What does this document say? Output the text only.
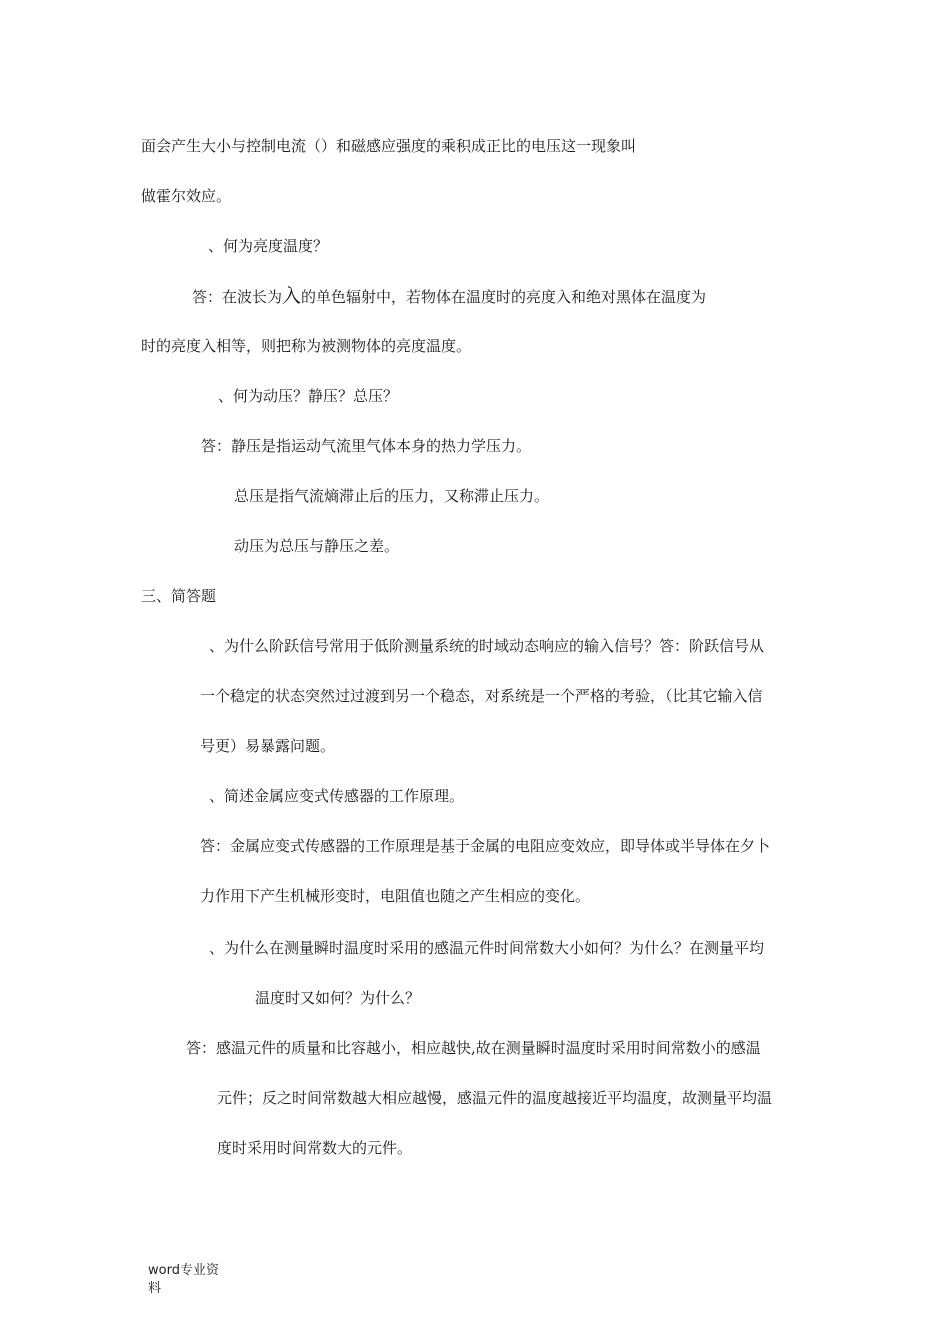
面会产生大小与控制电流（）和磁感应强度的乘积成正比的电压这一现象叫
做霍尔效应。
、何为亮度温度？
答：在波长为入的单色辐射中，若物体在温度时的亮度入和绝对黑体在温度为
时的亮度入相等，则把称为被测物体的亮度温度。
、何为动压？静压？总压？
答：静压是指运动气流里气体本身的热力学压力。
总压是指气流熵滞止后的压力，又称滞止压力。
动压为总压与静压之差。
三、简答题
、为什么阶跃信号常用于低阶测量系统的时域动态响应的输入信号？答：阶跃信号从
一个稳定的状态突然过过渡到另一个稳态，对系统是一个严格的考验，（比其它输入信
号更）易暴露问题。
、简述金属应变式传感器的工作原理。
答：金属应变式传感器的工作原理是基于金属的电阻应变效应，即导体或半导体在夕卜
力作用下产生机械形变时，电阻值也随之产生相应的变化。
、为什么在测量瞬时温度时采用的感温元件时间常数大小如何？为什么？在测量平均
温度时又如何？为什么？
答：感温元件的质量和比容越小，相应越快,故在测量瞬时温度时采用时间常数小的感温
元件；反之时间常数越大相应越慢，感温元件的温度越接近平均温度，故测量平均温
度时采用时间常数大的元件。
word专业资
料
